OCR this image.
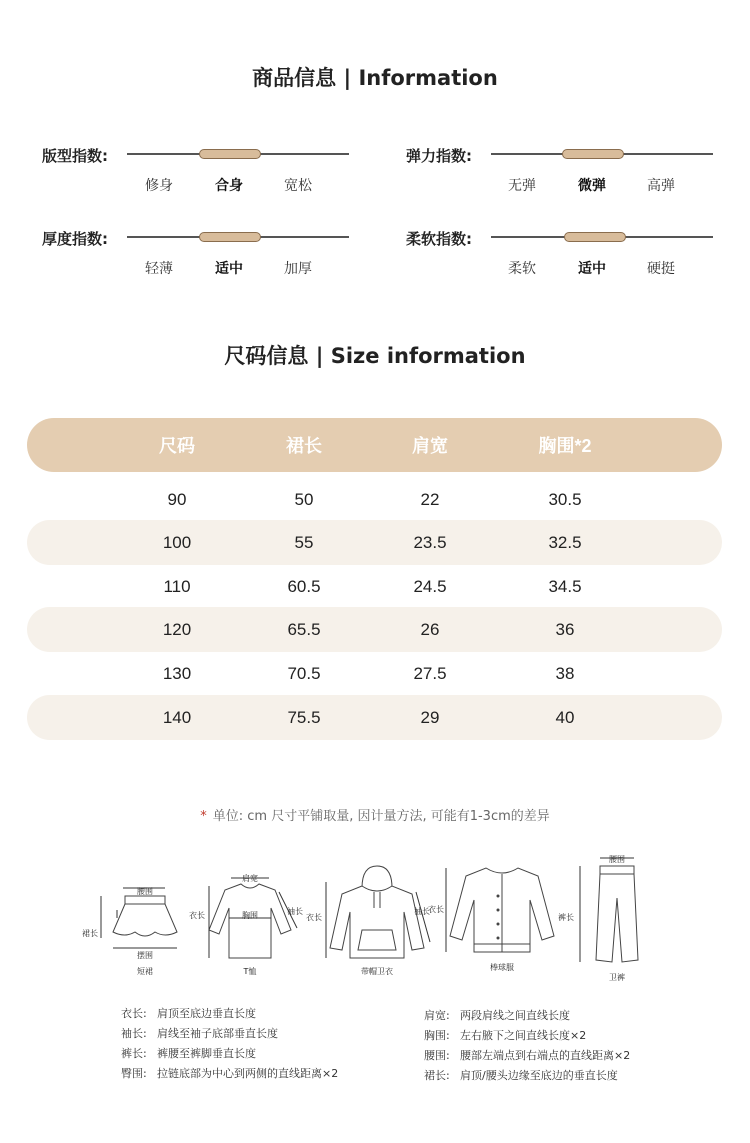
商品信息 | Information
版型指数:
修身	合身	宽松
弹力指数:
无弹	微弹	高弹
厚度指数:
轻薄	适中	加厚
柔软指数:
柔软	适中	硬挺
尺码信息 | Size information
尺码	裙长	肩宽	胸围*2
90	50	22	30.5
100	55	23.5	32.5
110	60.5	24.5	34.5
120	65.5	26	36
130	70.5	27.5	38
140	75.5	29	40
* 单位: cm 尺寸平铺取量, 因计量方法, 可能有1-3cm的差异
腰围
裙长
摆围
短裙
肩宽
衣长	胸围	袖长
T恤
衣长
袖长
带帽卫衣
衣长
棒球服
腰围
裤长
卫裤
衣长: 肩顶至底边垂直长度
袖长: 肩线至袖子底部垂直长度
裤长: 裤腰至裤脚垂直长度
臀围: 拉链底部为中心到两侧的直线距离×2
肩宽: 两段肩线之间直线长度
胸围: 左右腋下之间直线长度×2
腰围: 腰部左端点到右端点的直线距离×2
裙长: 肩顶/腰头边缘至底边的垂直长度
